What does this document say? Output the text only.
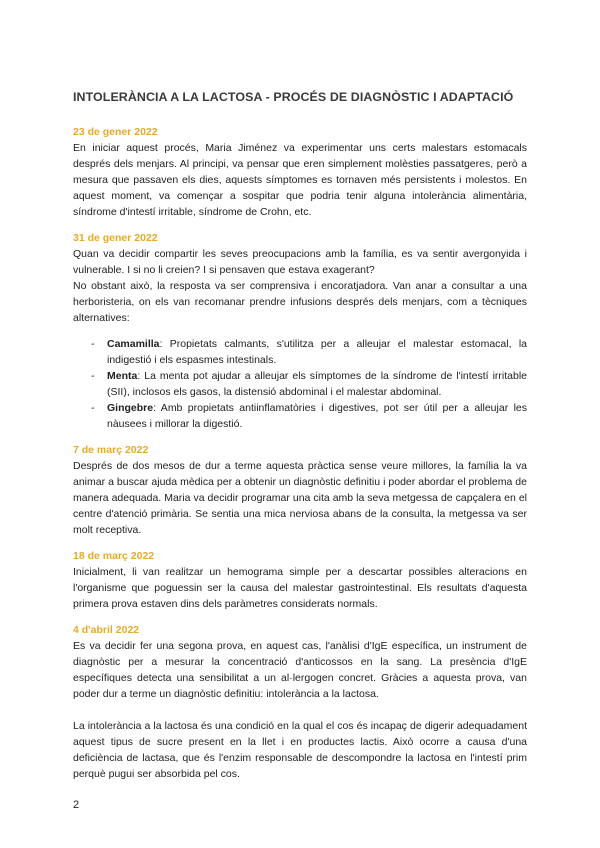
INTOLERÀNCIA A LA LACTOSA - PROCÉS DE DIAGNÒSTIC I ADAPTACIÓ
23 de gener 2022

En iniciar aquest procés, Maria Jiménez va experimentar uns certs malestars estomacals després dels menjars. Al principi, va pensar que eren simplement molèsties passatgeres, però a mesura que passaven els dies, aquests símptomes es tornaven més persistents i molestos. En aquest moment, va començar a sospitar que podria tenir alguna intolerància alimentària, síndrome d'intestí irritable, síndrome de Crohn, etc.

31 de gener 2022

Quan va decidir compartir les seves preocupacions amb la família, es va sentir avergonyida i vulnerable. I si no li creien? I si pensaven que estava exagerant?

No obstant això, la resposta va ser comprensiva i encoratjadora. Van anar a consultar a una herboristeria, on els van recomanar prendre infusions després dels menjars, com a tècniques alternatives:

- Camamilla: Propietats calmants, s'utilitza per a alleujar el malestar estomacal, la indigestió i els espasmes intestinals.
- Menta: La menta pot ajudar a alleujar els símptomes de la síndrome de l'intestí irritable (SII), inclosos els gasos, la distensió abdominal i el malestar abdominal.
- Gingebre: Amb propietats antiinflamatòries i digestives, pot ser útil per a alleujar les nàusees i millorar la digestió.
7 de març 2022

Després de dos mesos de dur a terme aquesta pràctica sense veure millores, la família la va animar a buscar ajuda mèdica per a obtenir un diagnòstic definitiu i poder abordar el problema de manera adequada. Maria va decidir programar una cita amb la seva metgessa de capçalera en el centre d'atenció primària. Se sentia una mica nerviosa abans de la consulta, la metgessa va ser molt receptiva.

18 de març 2022

Inicialment, li van realitzar un hemograma simple per a descartar possibles alteracions en l'organisme que poguessin ser la causa del malestar gastrointestinal. Els resultats d'aquesta primera prova estaven dins dels paràmetres considerats normals.

4 d'abril 2022

Es va decidir fer una segona prova, en aquest cas, l'anàlisi d'IgE específica, un instrument de diagnòstic per a mesurar la concentració d'anticossos en la sang. La presència d'IgE específiques detecta una sensibilitat a un al·lergogen concret. Gràcies a aquesta prova, van poder dur a terme un diagnòstic definitiu: intolerància a la lactosa.

La intolerància a la lactosa és una condició en la qual el cos és incapaç de digerir adequadament aquest tipus de sucre present en la llet i en productes lactis. Això ocorre a causa d'una deficiència de lactasa, que és l'enzim responsable de descompondre la lactosa en l'intestí prim perquè pugui ser absorbida pel cos.

2
